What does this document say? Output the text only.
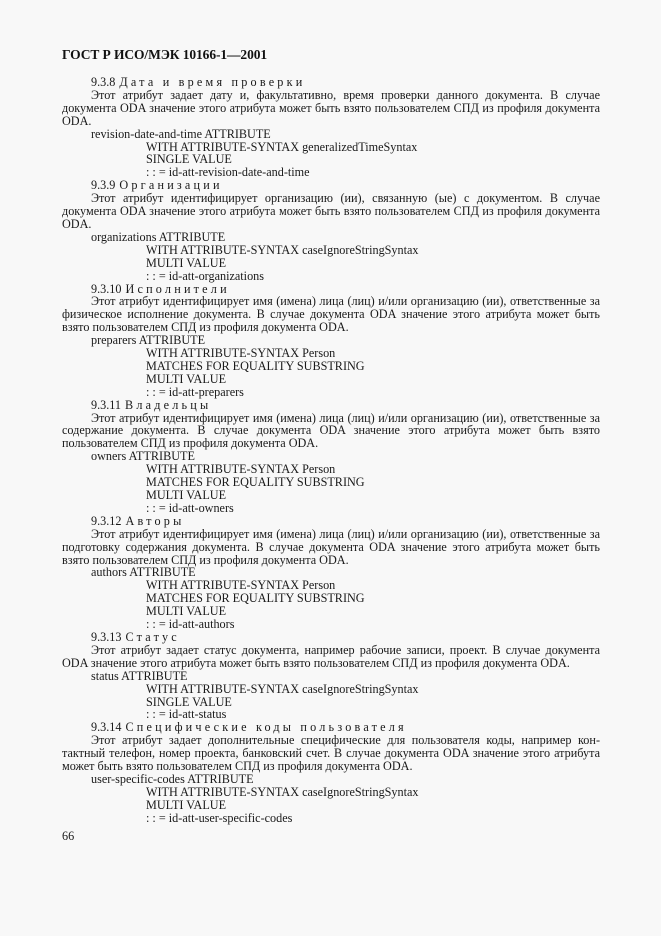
ГОСТ Р ИСО/МЭК 10166-1—2001
9.3.8 Дата и время проверки

Этот атрибут задает дату и, факультативно, время проверки данного документа. В случае документа ODA значение этого атрибута может быть взято пользователем СПД из профиля документа ODA.

revision-date-and-time ATTRIBUTE
WITH ATTRIBUTE-SYNTAX generalizedTimeSyntax
SINGLE VALUE
: : = id-att-revision-date-and-time
9.3.9 Организации

Этот атрибут идентифицирует организацию (ии), связанную (ые) с документом. В случае документа ODA значение этого атрибута может быть взято пользователем СПД из профиля документа ODA.

organizations ATTRIBUTE
WITH ATTRIBUTE-SYNTAX caseIgnoreStringSyntax
MULTI VALUE
: : = id-att-organizations
9.3.10 Исполнители

Этот атрибут идентифицирует имя (имена) лица (лиц) и/или организацию (ии), ответственные за физическое исполнение документа. В случае документа ODA значение этого атрибута может быть взято пользователем СПД из профиля документа ODA.

preparers ATTRIBUTE
WITH ATTRIBUTE-SYNTAX Person
MATCHES FOR EQUALITY SUBSTRING
MULTI VALUE
: : = id-att-preparers
9.3.11 Владельцы

Этот атрибут идентифицирует имя (имена) лица (лиц) и/или организацию (ии), ответственные за содержание документа. В случае документа ODA значение этого атрибута может быть взято пользователем СПД из профиля документа ODA.

owners ATTRIBUTE
WITH ATTRIBUTE-SYNTAX Person
MATCHES FOR EQUALITY SUBSTRING
MULTI VALUE
: : = id-att-owners
9.3.12 Авторы

Этот атрибут идентифицирует имя (имена) лица (лиц) и/или организацию (ии), ответственные за подготовку содержания документа. В случае документа ODA значение этого атрибута может быть взято пользователем СПД из профиля документа ODA.

authors ATTRIBUTE
WITH ATTRIBUTE-SYNTAX Person
MATCHES FOR EQUALITY SUBSTRING
MULTI VALUE
: : = id-att-authors
9.3.13 Статус

Этот атрибут задает статус документа, например рабочие записи, проект. В случае документа ODA значение этого атрибута может быть взято пользователем СПД из профиля документа ODA.

status ATTRIBUTE
WITH ATTRIBUTE-SYNTAX caseIgnoreStringSyntax
SINGLE VALUE
: : = id-att-status
9.3.14 Специфические коды пользователя

Этот атрибут задает дополнительные специфические для пользователя коды, например контактный телефон, номер проекта, банковский счет. В случае документа ODA значение этого атрибута может быть взято пользователем СПД из профиля документа ODA.

user-specific-codes ATTRIBUTE
WITH ATTRIBUTE-SYNTAX caseIgnoreStringSyntax
MULTI VALUE
: : = id-att-user-specific-codes
66
